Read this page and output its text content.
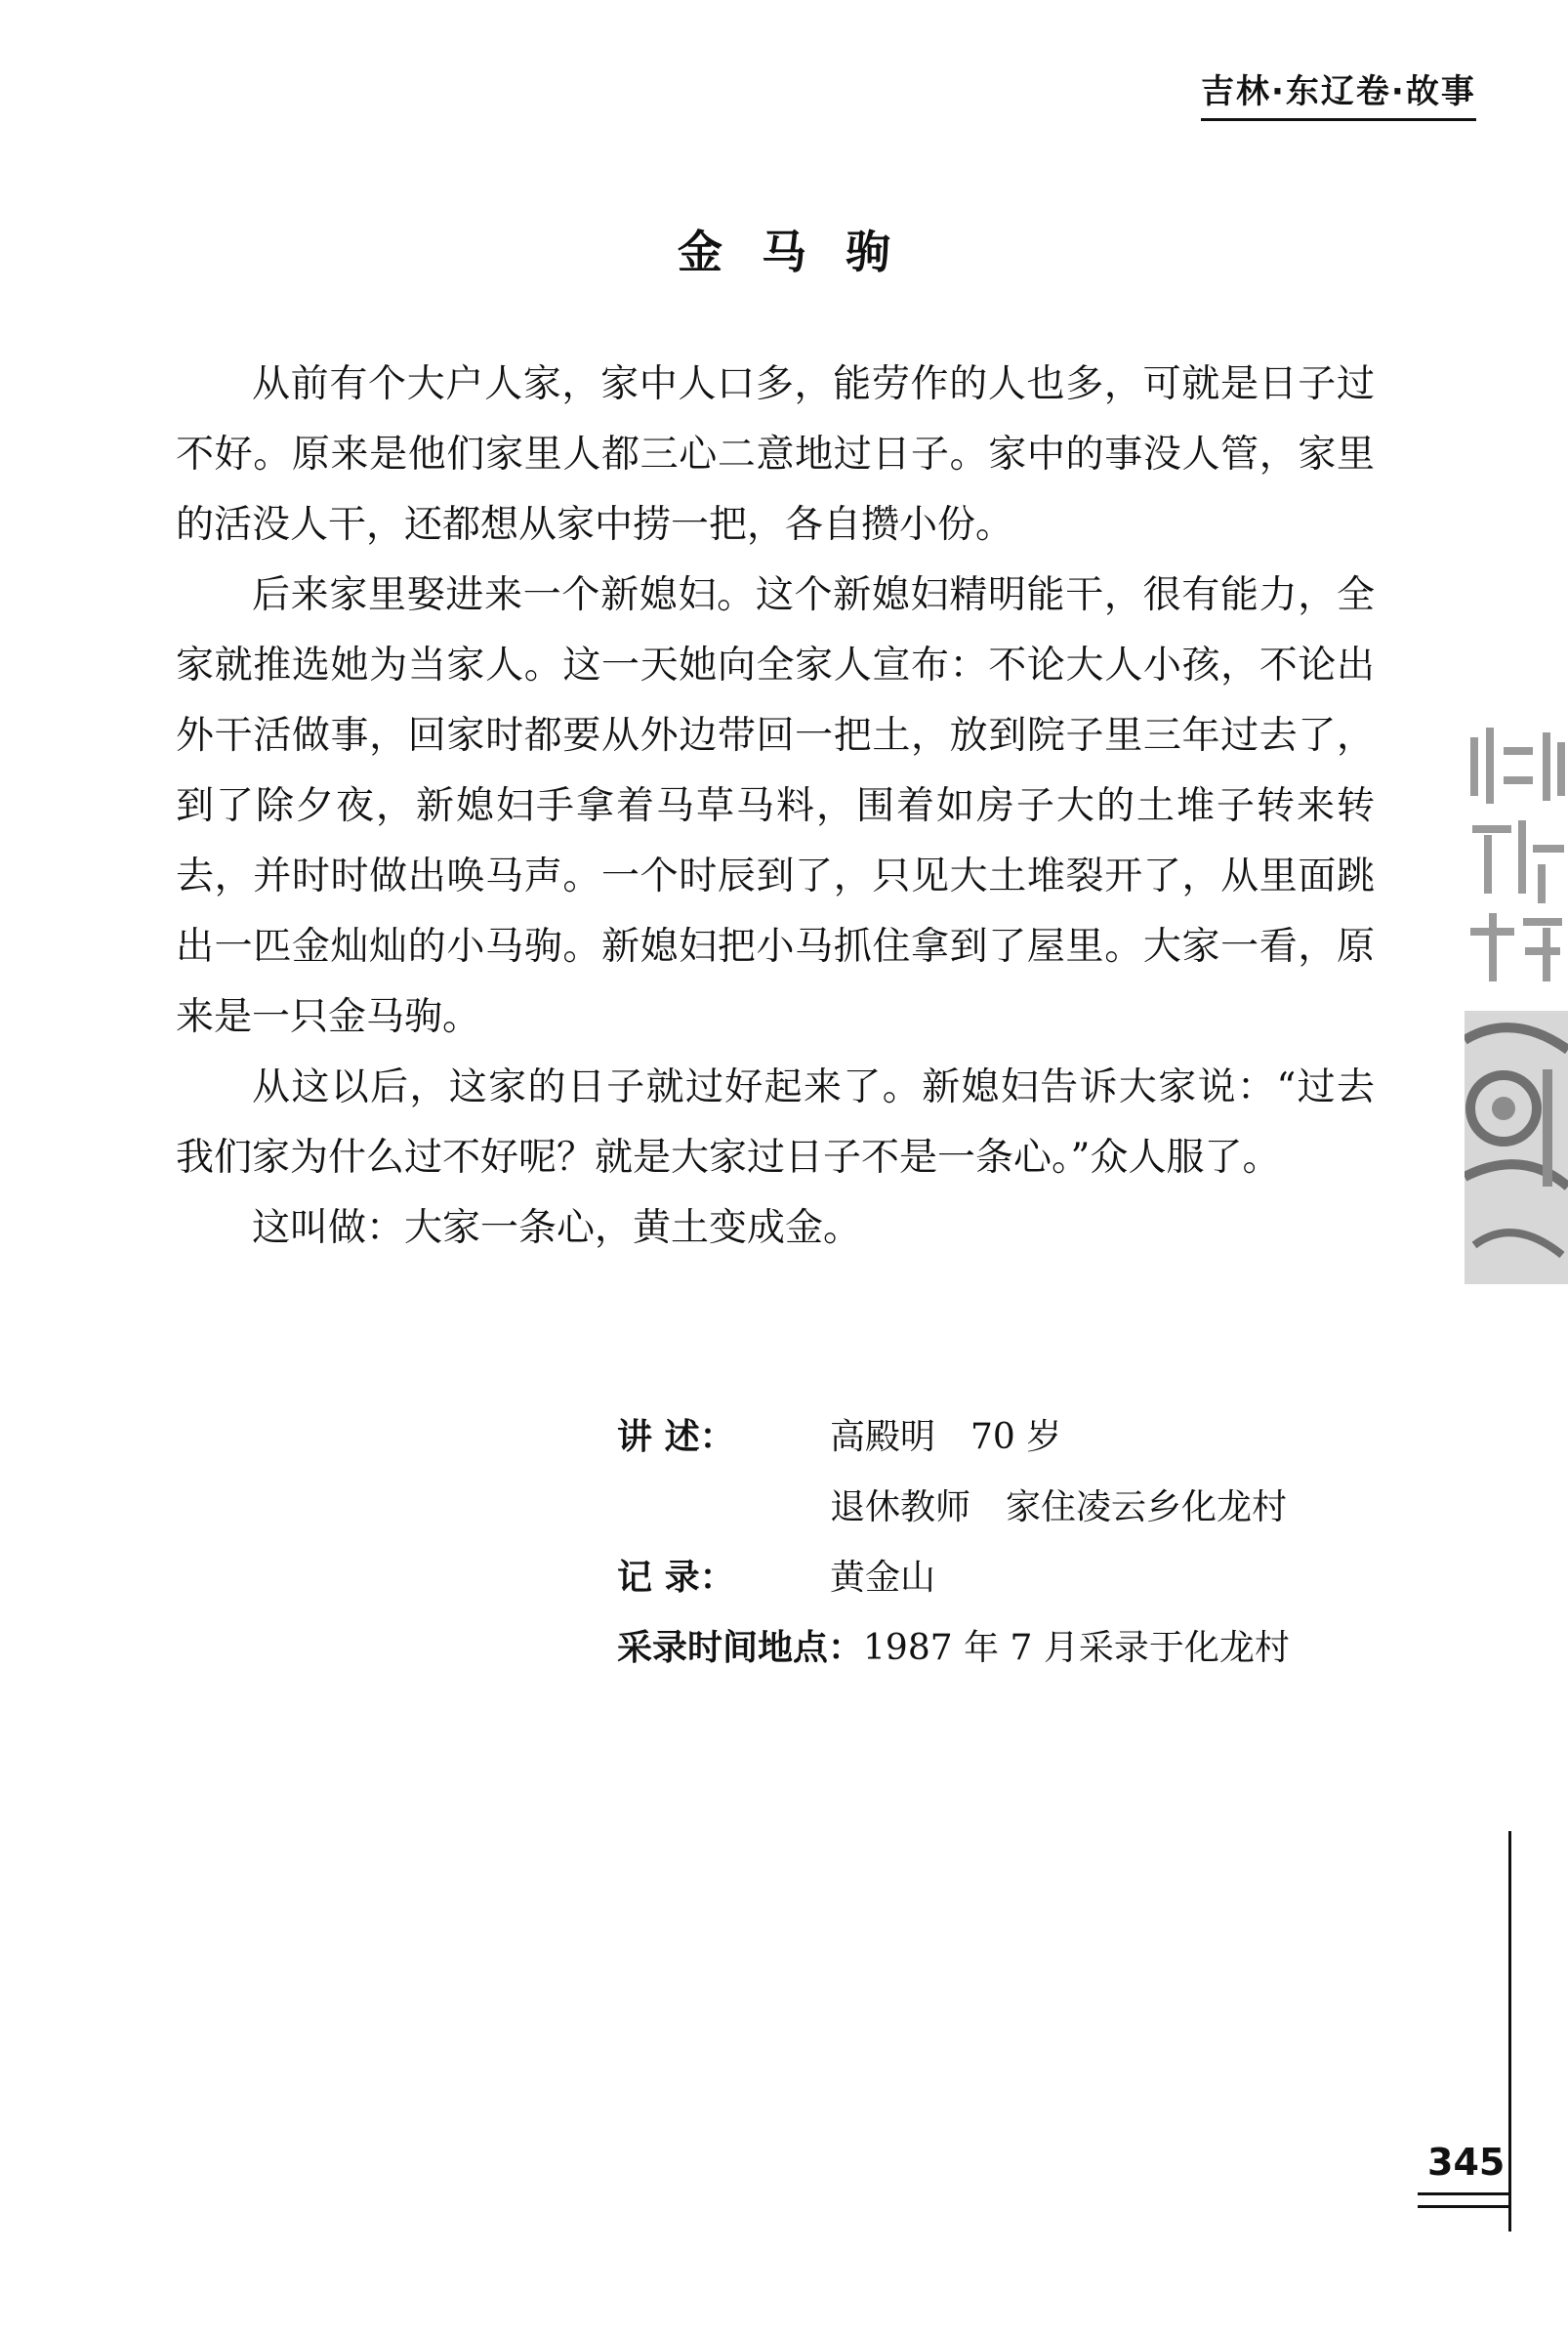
吉林·东辽卷·故事
金马驹

从前有个大户人家，家中人口多，能劳作的人也多，可就是日子过不好。原来是他们家里人都三心二意地过日子。家中的事没人管，家里的活没人干，还都想从家中捞一把，各自攒小份。

后来家里娶进来一个新媳妇。这个新媳妇精明能干，很有能力，全家就推选她为当家人。这一天她向全家人宣布：不论大人小孩，不论出外干活做事，回家时都要从外边带回一把土，放到院子里三年过去了，到了除夕夜，新媳妇手拿着马草马料，围着如房子大的土堆子转来转去，并时时做出唤马声。一个时辰到了，只见大土堆裂开了，从里面跳出一匹金灿灿的小马驹。新媳妇把小马抓住拿到了屋里。大家一看，原来是一只金马驹。

从这以后，这家的日子就过好起来了。新媳妇告诉大家说：“过去我们家为什么过不好呢？就是大家过日子不是一条心。”众人服了。

这叫做：大家一条心，黄土变成金。

讲 述：	高殿明　70 岁
退休教师　家住凌云乡化龙村
记 录：	黄金山
采录时间地点： 1987 年 7 月采录于化龙村
345
